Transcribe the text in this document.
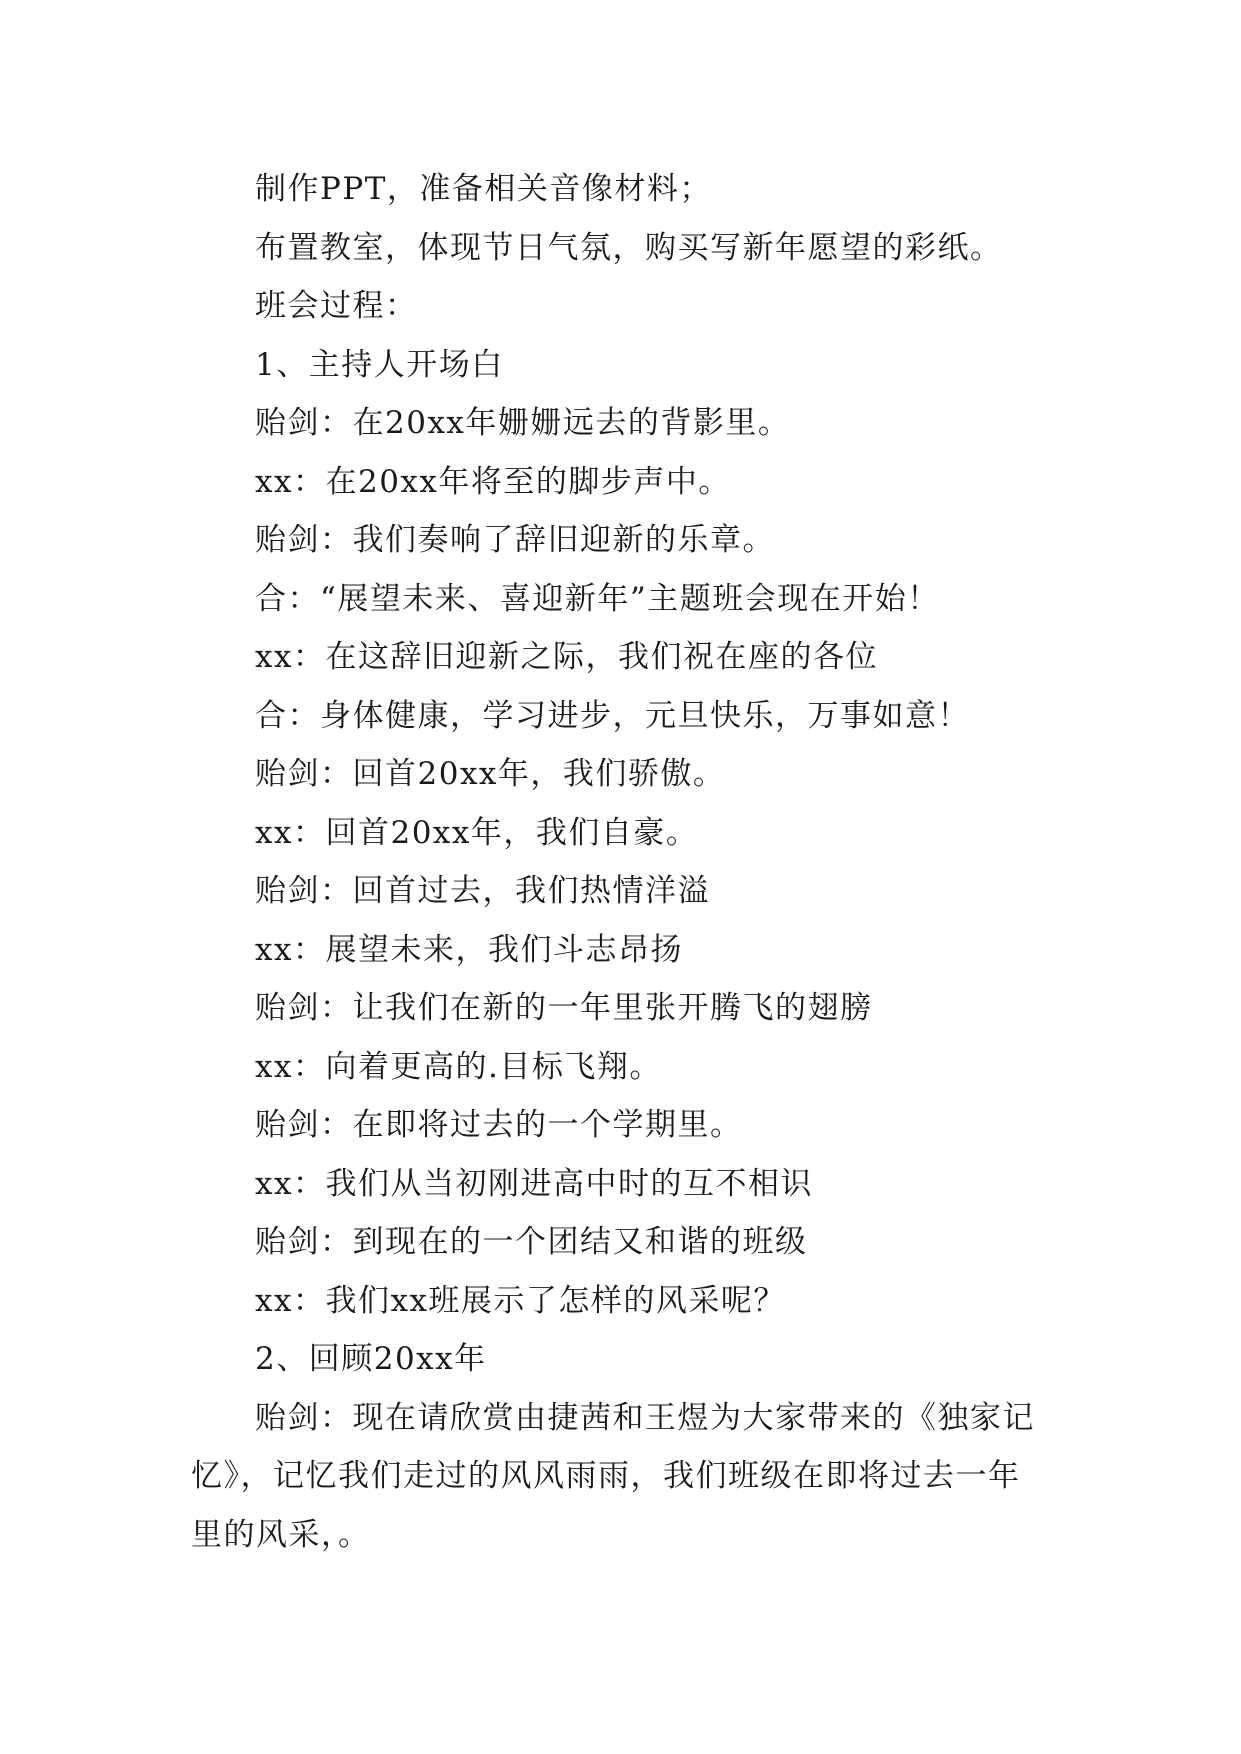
制作PPT，准备相关音像材料；
布置教室，体现节日气氛，购买写新年愿望的彩纸。
班会过程：
1、主持人开场白
贻剑：在20xx年姗姗远去的背影里。
xx：在20xx年将至的脚步声中。
贻剑：我们奏响了辞旧迎新的乐章。
合：“展望未来、喜迎新年”主题班会现在开始！
xx：在这辞旧迎新之际，我们祝在座的各位
合：身体健康，学习进步，元旦快乐，万事如意！
贻剑：回首20xx年，我们骄傲。
xx：回首20xx年，我们自豪。
贻剑：回首过去，我们热情洋溢
xx：展望未来，我们斗志昂扬
贻剑：让我们在新的一年里张开腾飞的翅膀
xx：向着更高的.目标飞翔。
贻剑：在即将过去的一个学期里。
xx：我们从当初刚进高中时的互不相识
贻剑：到现在的一个团结又和谐的班级
xx：我们xx班展示了怎样的风采呢？
2、回顾20xx年

贻剑：现在请欣赏由捷茜和王煜为大家带来的《独家记忆》，记忆我们走过的风风雨雨，我们班级在即将过去一年里的风采，。
